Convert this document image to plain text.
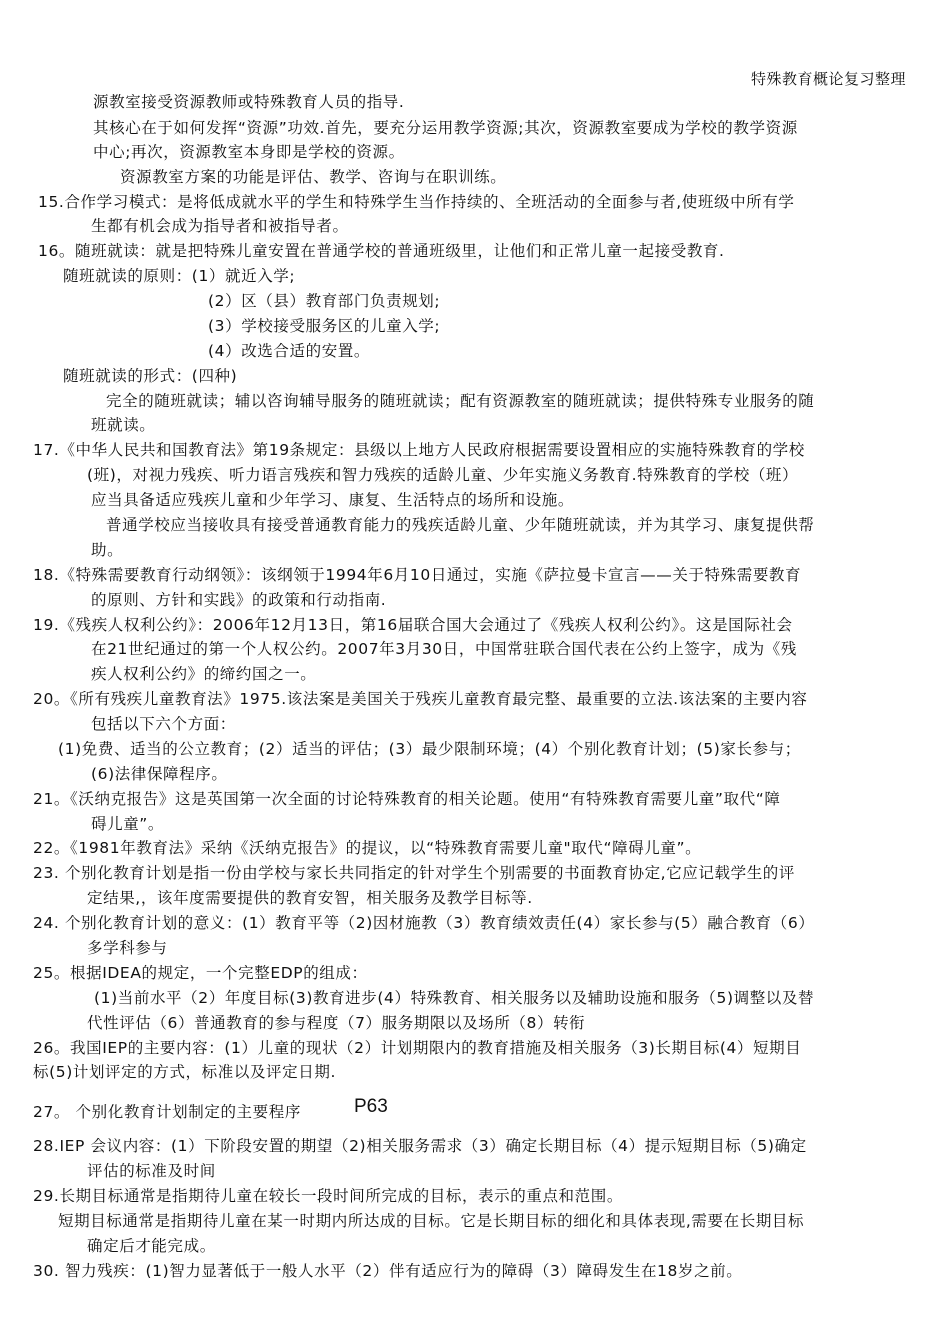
特殊教育概论复习整理
源教室接受资源教师或特殊教育人员的指导.
其核心在于如何发挥“资源”功效.首先，要充分运用教学资源;其次，资源教室要成为学校的教学资源
中心;再次，资源教室本身即是学校的资源。
资源教室方案的功能是评估、教学、咨询与在职训练。
15.合作学习模式：是将低成就水平的学生和特殊学生当作持续的、全班活动的全面参与者,使班级中所有学
生都有机会成为指导者和被指导者。
16。随班就读：就是把特殊儿童安置在普通学校的普通班级里，让他们和正常儿童一起接受教育.
随班就读的原则：(1）就近入学;
(2）区（县）教育部门负责规划;
(3）学校接受服务区的儿童入学;
(4）改选合适的安置。
随班就读的形式：(四种)
完全的随班就读；辅以咨询辅导服务的随班就读；配有资源教室的随班就读；提供特殊专业服务的随
班就读。
17.《中华人民共和国教育法》第19条规定：县级以上地方人民政府根据需要设置相应的实施特殊教育的学校
(班)，对视力残疾、听力语言残疾和智力残疾的适龄儿童、少年实施义务教育.特殊教育的学校（班）
应当具备适应残疾儿童和少年学习、康复、生活特点的场所和设施。
普通学校应当接收具有接受普通教育能力的残疾适龄儿童、少年随班就读，并为其学习、康复提供帮
助。
18.《特殊需要教育行动纲领》：该纲领于1994年6月10日通过，实施《萨拉曼卡宣言——关于特殊需要教育
的原则、方针和实践》的政策和行动指南.
19.《残疾人权利公约》：2006年12月13日，第16届联合国大会通过了《残疾人权利公约》。这是国际社会
在21世纪通过的第一个人权公约。2007年3月30日，中国常驻联合国代表在公约上签字，成为《残
疾人权利公约》的缔约国之一。
20。《所有残疾儿童教育法》1975.该法案是美国关于残疾儿童教育最完整、最重要的立法.该法案的主要内容
包括以下六个方面：
(1)免费、适当的公立教育；(2）适当的评估；(3）最少限制环境；(4）个别化教育计划；(5)家长参与；
(6)法律保障程序。
21。《沃纳克报告》这是英国第一次全面的讨论特殊教育的相关论题。使用“有特殊教育需要儿童”取代“障
碍儿童”。
22。《1981年教育法》采纳《沃纳克报告》的提议，以“特殊教育需要儿童"取代“障碍儿童”。
23. 个别化教育计划是指一份由学校与家长共同指定的针对学生个别需要的书面教育协定,它应记载学生的评
定结果,，该年度需要提供的教育安智，相关服务及教学目标等.
24. 个别化教育计划的意义：(1）教育平等（2)因材施教（3）教育绩效责任(4）家长参与(5）融合教育（6）
多学科参与
25。根据IDEA的规定，一个完整EDP的组成：
(1)当前水平（2）年度目标(3)教育进步(4）特殊教育、相关服务以及辅助设施和服务（5)调整以及替
代性评估（6）普通教育的参与程度（7）服务期限以及场所（8）转衔
26。我国IEP的主要内容：(1）儿童的现状（2）计划期限内的教育措施及相关服务（3)长期目标(4）短期目
标(5)计划评定的方式，标准以及评定日期.
27。 个别化教育计划制定的主要程序	P63
28.IEP 会议内容：(1）下阶段安置的期望（2)相关服务需求（3）确定长期目标（4）提示短期目标（5)确定
评估的标准及时间
29.长期目标通常是指期待儿童在较长一段时间所完成的目标，表示的重点和范围。
短期目标通常是指期待儿童在某一时期内所达成的目标。它是长期目标的细化和具体表现,需要在长期目标
确定后才能完成。
30. 智力残疾：(1)智力显著低于一般人水平（2）伴有适应行为的障碍（3）障碍发生在18岁之前。
